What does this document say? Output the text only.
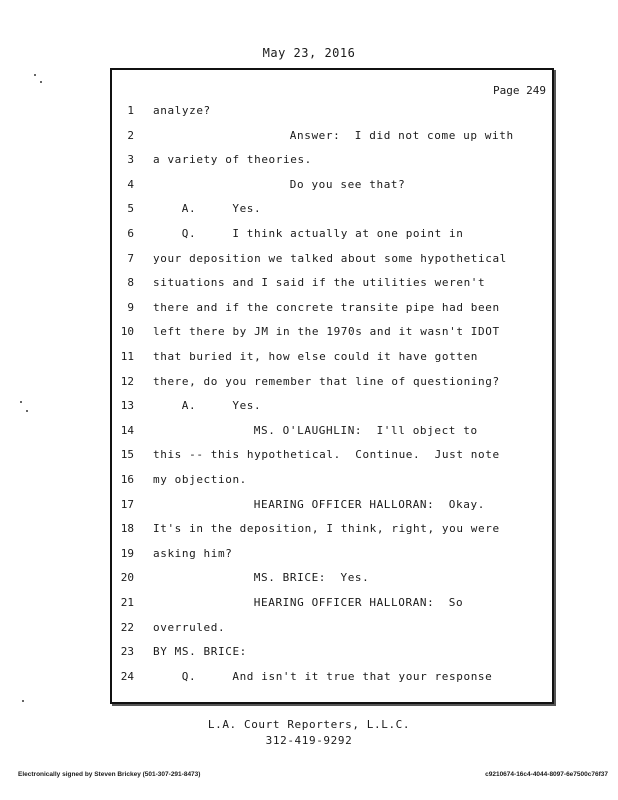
May 23, 2016
Page 249
1 analyze?
2	Answer:  I did not come up with
3 a variety of theories.
4	Do you see that?
5	A.     Yes.
6	Q.     I think actually at one point in
7 your deposition we talked about some hypothetical
8 situations and I said if the utilities weren't
9 there and if the concrete transite pipe had been
10 left there by JM in the 1970s and it wasn't IDOT
11 that buried it, how else could it have gotten
12 there, do you remember that line of questioning?
13	A.     Yes.
14	MS. O'LAUGHLIN:  I'll object to
15 this -- this hypothetical.  Continue.  Just note
16 my objection.
17	HEARING OFFICER HALLORAN:  Okay.
18 It's in the deposition, I think, right, you were
19 asking him?
20	MS. BRICE:  Yes.
21	HEARING OFFICER HALLORAN:  So
22 overruled.
23 BY MS. BRICE:
24	Q.     And isn't it true that your response
L.A. Court Reporters, L.L.C.
312-419-9292
Electronically signed by Steven Brickey (501-307-291-8473)	c9210674-16c4-4044-8097-6e7500c76f37
